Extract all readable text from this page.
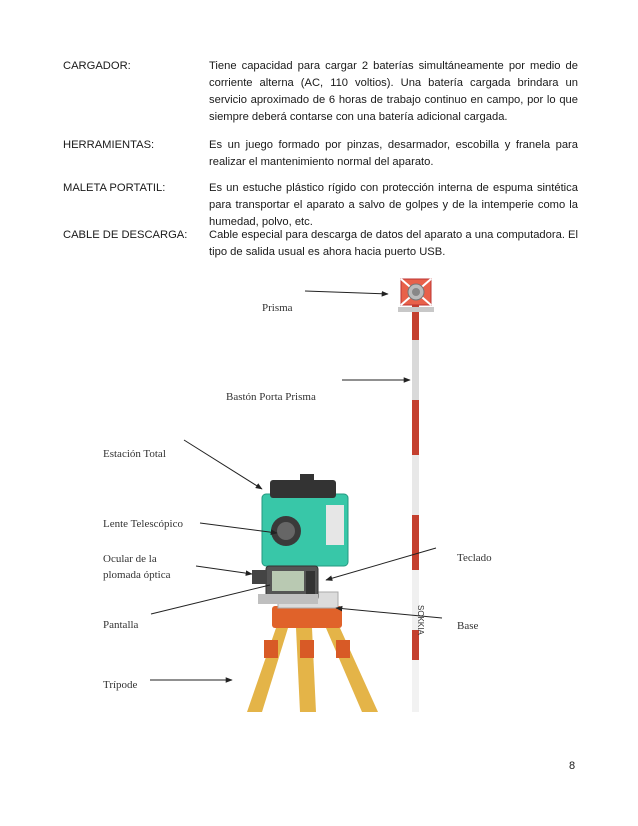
CARGADOR:	Tiene capacidad para cargar 2 baterías simultáneamente por medio de corriente alterna (AC, 110 voltios). Una batería cargada brindara un servicio aproximado de 6 horas de trabajo continuo en campo, por lo que siempre deberá contarse con una batería adicional cargada.
HERRAMIENTAS:	Es un juego formado por pinzas, desarmador, escobilla y franela para realizar el mantenimiento normal del aparato.
MALETA PORTATIL:	Es un estuche plástico rígido con protección interna de espuma sintética para transportar el aparato a salvo de golpes y de la intemperie como la humedad, polvo, etc.
CABLE DE DESCARGA:	Cable especial para descarga de datos del aparato a una computadora. El tipo de salida usual es ahora hacia puerto USB.
SOKKIA
Prisma
Bastón Porta Prisma
Estación Total
Lente Telescópico
Ocular de la
plomada óptica
Pantalla
Trípode
Teclado
Base
8
